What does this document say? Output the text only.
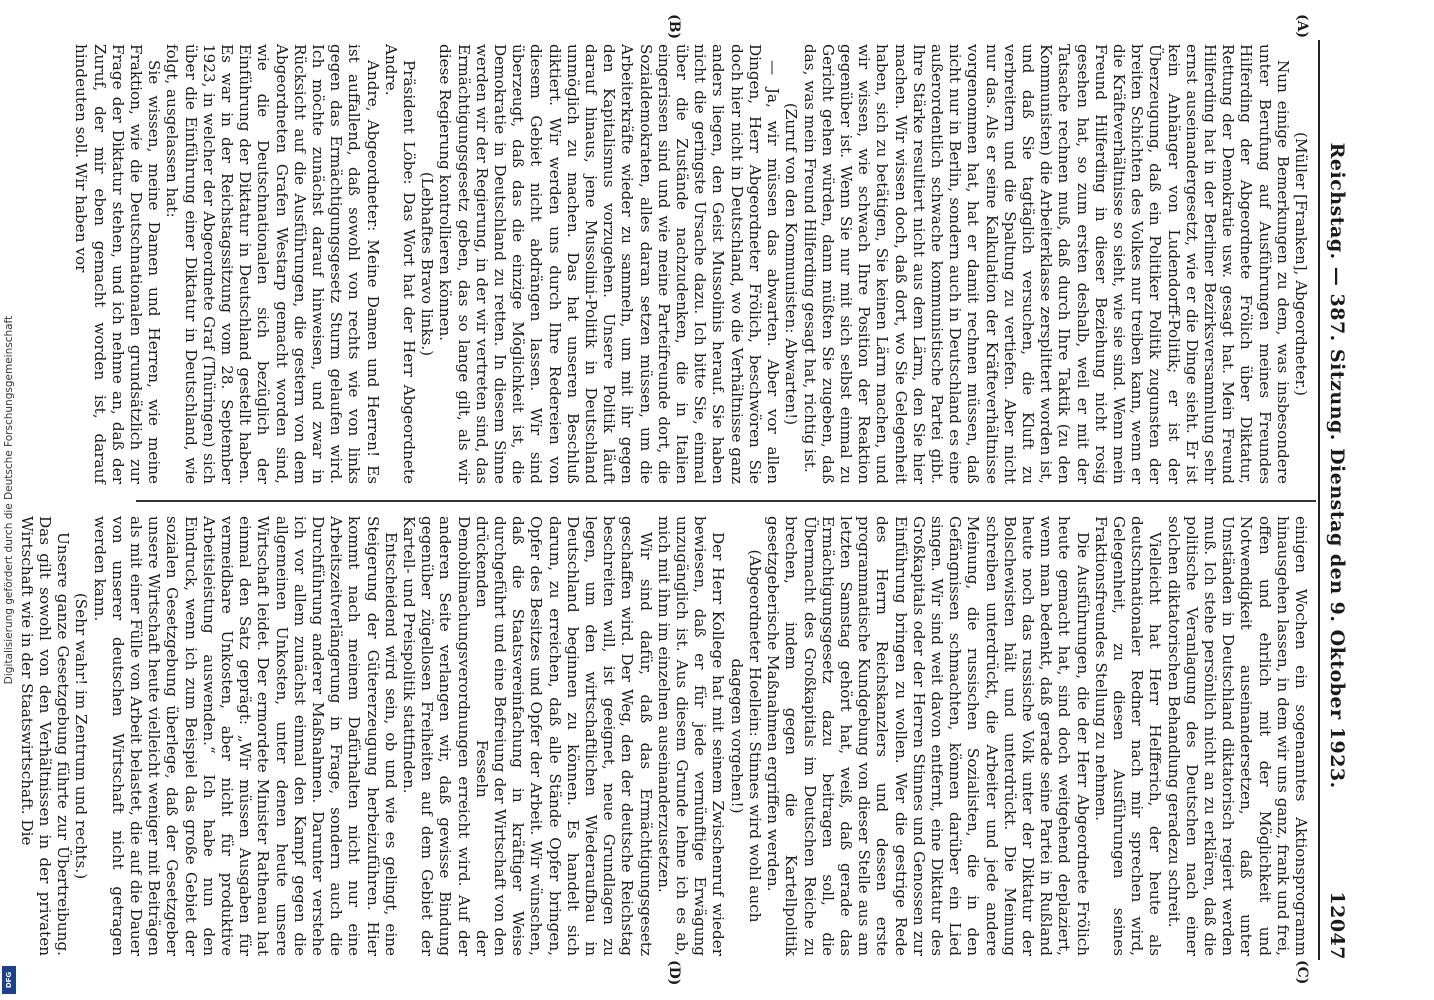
Reichstag. — 387. Sitzung. Dienstag den 9. Oktober 1923.
12047
(A)
(B)
(C)
(D)

(Müller [Franken], Abgeordneter.)

Nun einige Bemerkungen zu dem, was insbesondere unter Berufung auf Ausführungen meines Freundes Hilferding der Abgeordnete Frölich über Diktatur, Rettung der Demokratie usw. gesagt hat. Mein Freund Hilferding hat in der Berliner Bezirksversammlung sehr ernst auseinandergesetzt, wie er die Dinge sieht. Er ist kein Anhänger von Ludendorff-Politik; er ist der Überzeugung, daß ein Politiker Politik zugunsten der breiten Schichten des Volkes nur treiben kann, wenn er die Kräfteverhältnisse so sieht, wie sie sind. Wenn mein Freund Hilferding in dieser Beziehung nicht rosig gesehen hat, so zum ersten deshalb, weil er mit der Tatsache rechnen muß, daß durch Ihre Taktik (zu den Kommunisten) die Arbeiterklasse zersplittert worden ist, und daß Sie tagtäglich versuchen, die Kluft zu verbreitern und die Spaltung zu vertiefen. Aber nicht nur das. Als er seine Kalkulation der Kräfteverhältnisse vorgenommen hat, hat er damit rechnen müssen, daß nicht nur in Berlin, sondern auch in Deutschland es eine außerordentlich schwache kommunistische Partei gibt. Ihre Stärke resultiert nicht aus dem Lärm, den Sie hier machen. Wir wissen doch, daß dort, wo Sie Gelegenheit haben, sich zu betätigen, Sie keinen Lärm machen, und wir wissen, wie schwach Ihre Position der Reaktion gegenüber ist. Wenn Sie nur mit sich selbst einmal zu Gericht gehen würden, dann müßten Sie zugeben, daß das, was mein Freund Hilferding gesagt hat, richtig ist.

(Zuruf von den Kommunisten: Abwarten!)

— Ja, wir müssen das abwarten. Aber vor allen Dingen, Herr Abgeordneter Frölich, beschwören Sie doch hier nicht in Deutschland, wo die Verhältnisse ganz anders liegen, den Geist Mussolinis herauf. Sie haben nicht die geringste Ursache dazu. Ich bitte Sie, einmal über die Zustände nachzudenken, die in Italien eingerissen sind und wie meine Parteifreunde dort, die Sozialdemokraten, alles daran setzen müssen, um die Arbeiterkräfte wieder zu sammeln, um mit ihr gegen den Kapitalismus vorzugehen. Unsere Politik läuft darauf hinaus, jene Mussolini-Politik in Deutschland unmöglich zu machen. Das hat unseren Beschluß diktiert. Wir werden uns durch Ihre Redereien von diesem Gebiet nicht abdrängen lassen. Wir sind überzeugt, daß das die einzige Möglichkeit ist, die Demokratie in Deutschland zu retten. In diesem Sinne werden wir der Regierung, in der wir vertreten sind, das Ermächtigungsgesetz geben, das so lange gilt, als wir diese Regierung kontrollieren können.

(Lebhaftes Bravo links.)

Präsident Löbe: Das Wort hat der Herr Abgeordnete Andre.

Andre, Abgeordneter: Meine Damen und Herren! Es ist auffallend, daß sowohl von rechts wie von links gegen das Ermächtigungsgesetz Sturm gelaufen wird. Ich möchte zunächst darauf hinweisen, und zwar in Rücksicht auf die Ausführungen, die gestern von dem Abgeordneten Grafen Westarp gemacht worden sind, wie die Deutschnationalen sich bezüglich der Einführung der Diktatur in Deutschland gestellt haben. Es war in der Reichstagssitzung vom 28. September 1923, in welcher der Abgeordnete Graf (Thüringen) sich über die Einführung einer Diktatur in Deutschland, wie folgt, ausgelassen hat:

Sie wissen, meine Damen und Herren, wie meine Fraktion, wie die Deutschnationalen grundsätzlich zur Frage der Diktatur stehen, und ich nehme an, daß der Zuruf, der mir eben gemacht worden ist, darauf hindeuten soll. Wir haben vor

einigen Wochen ein sogenanntes Aktionsprogramm hinausgehen lassen, in dem wir uns ganz, frank und frei, offen und ehrlich mit der Möglichkeit und Notwendigkeit auseinandersetzen, daß unter Umständen in Deutschland diktatorisch regiert werden muß. Ich stehe persönlich nicht an zu erklären, daß die politische Veranlagung des Deutschen nach einer solchen diktatorischen Behandlung geradezu schreit.

Vielleicht hat Herr Helfferich, der heute als deutschnationaler Redner nach mir sprechen wird, Gelegenheit, zu diesen Ausführungen seines Fraktionsfreundes Stellung zu nehmen.

Die Ausführungen, die der Herr Abgeordnete Frölich heute gemacht hat, sind doch weitgehend deplaziert, wenn man bedenkt, daß gerade seine Partei in Rußland heute noch das russische Volk unter der Diktatur der Bolschewisten hält und unterdrückt. Die Meinung schreiben unterdrückt, die Arbeiter und jede andere Meinung, die russischen Sozialisten, die in den Gefängnissen schmachten, können darüber ein Lied singen. Wir sind weit davon entfernt, eine Diktatur des Großkapitals oder der Herren Stinnes und Genossen zur Einführung bringen zu wollen. Wer die gestrige Rede des Herrn Reichskanzlers und dessen erste programmatische Kundgebung von dieser Stelle aus am letzten Samstag gehört hat, weiß, daß gerade das Ermächtigungsgesetz dazu beitragen soll, die Übermacht des Großkapitals im Deutschen Reiche zu brechen, indem gegen die Kartellpolitik gesetzgeberische Maßnahmen ergriffen werden.

(Abgeordneter Hoellein: Stinnes wird wohl auch dagegen vorgehen!)

Der Herr Kollege hat mit seinem Zwischenruf wieder bewiesen, daß er für jede vernünftige Erwägung unzugänglich ist. Aus diesem Grunde lehne ich es ab, mich mit ihm im einzelnen auseinanderzusetzen.

Wir sind dafür, daß das Ermächtigungsgesetz geschaffen wird. Der Weg, den der deutsche Reichstag beschreiten will, ist geeignet, neue Grundlagen zu legen, um den wirtschaftlichen Wiederaufbau in Deutschland beginnen zu können. Es handelt sich darum, zu erreichen, daß alle Stände Opfer bringen, Opfer des Besitzes und Opfer der Arbeit. Wir wünschen, daß die Staatsvereinfachung in kräftiger Weise durchgeführt und eine Befreiung der Wirtschaft von den drückenden Fesseln der Demobilmachungsverordnungen erreicht wird. Auf der anderen Seite verlangen wir, daß gewisse Bindung gegenüber zügellosen Freiheiten auf dem Gebiet der Kartell- und Preispolitik stattfinden.

Entscheidend wird sein, ob und wie es gelingt, eine Steigerung der Gütererzeugung herbeizuführen. Hier kommt nach meinem Dafürhalten nicht nur eine Arbeitszeitverlängerung in Frage, sondern auch die Durchführung anderer Maßnahmen. Darunter verstehe ich vor allem zunächst einmal den Kampf gegen die allgemeinen Unkosten, unter denen heute unsere Wirtschaft leidet. Der ermordete Minister Rathenau hat einmal den Satz geprägt: „Wir müssen Ausgaben für vermeidbare Unkosten, aber nicht für produktive Arbeitsleistung auswenden.“ Ich habe nun den Eindruck, wenn ich zum Beispiel das große Gebiet der sozialen Gesetzgebung überlege, daß der Gesetzgeber unsere Wirtschaft heute vielleicht weniger mit Beiträgen als mit einer Fülle von Arbeit belastet, die auf die Dauer von unserer deutschen Wirtschaft nicht getragen werden kann.

(Sehr wahr! im Zentrum und rechts.)

Unsere ganze Gesetzgebung führte zur Übertreibung. Das gilt sowohl von den Verhältnissen in der privaten Wirtschaft wie in der Staatswirtschaft. Die

Digitalisierung gefördert durch die Deutsche Forschungsgemeinschaft
DFG
